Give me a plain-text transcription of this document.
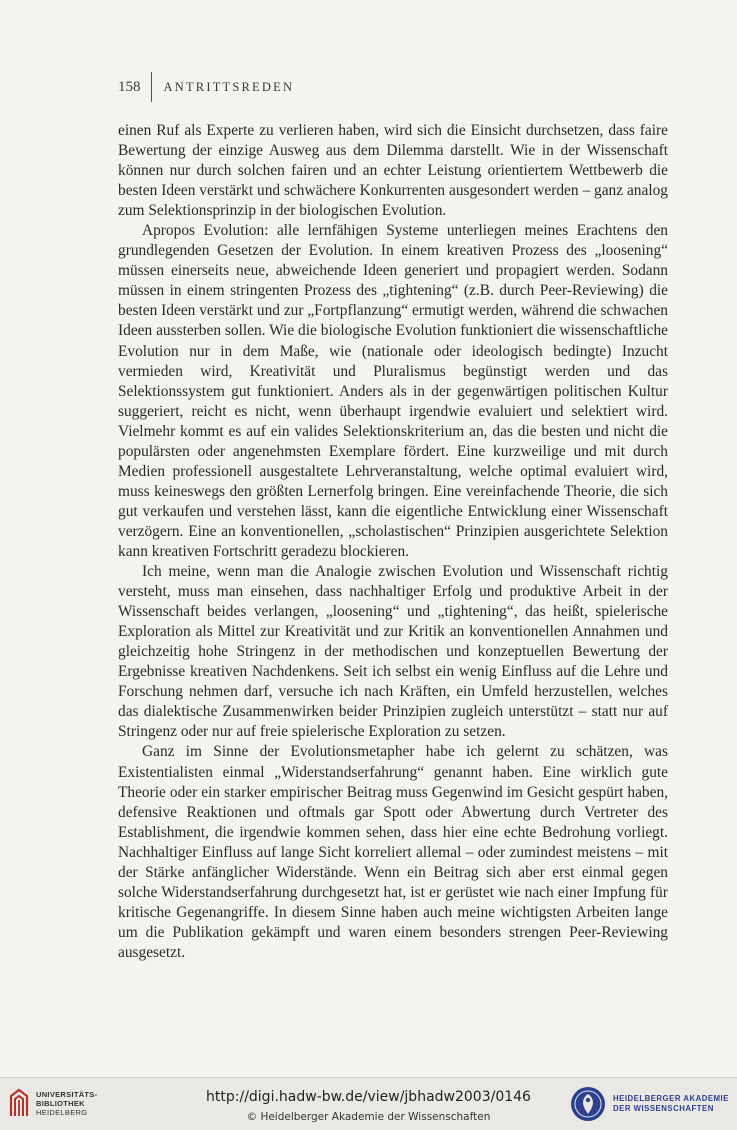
158 ANTRITTSREDEN

einen Ruf als Experte zu verlieren haben, wird sich die Einsicht durchsetzen, dass faire Bewertung der einzige Ausweg aus dem Dilemma darstellt. Wie in der Wissenschaft können nur durch solchen fairen und an echter Leistung orientiertem Wettbewerb die besten Ideen verstärkt und schwächere Konkurrenten ausgesondert werden – ganz analog zum Selektionsprinzip in der biologischen Evolution.

Apropos Evolution: alle lernfähigen Systeme unterliegen meines Erachtens den grundlegenden Gesetzen der Evolution. In einem kreativen Prozess des „loosening“ müssen einerseits neue, abweichende Ideen generiert und propagiert werden. Sodann müssen in einem stringenten Prozess des „tightening“ (z.B. durch Peer-Reviewing) die besten Ideen verstärkt und zur „Fortpflanzung“ ermutigt werden, während die schwachen Ideen aussterben sollen. Wie die biologische Evolution funktioniert die wissenschaftliche Evolution nur in dem Maße, wie (nationale oder ideologisch bedingte) Inzucht vermieden wird, Kreativität und Pluralismus begünstigt werden und das Selektionssystem gut funktioniert. Anders als in der gegenwärtigen politischen Kultur suggeriert, reicht es nicht, wenn überhaupt irgendwie evaluiert und selektiert wird. Vielmehr kommt es auf ein valides Selektionskriterium an, das die besten und nicht die populärsten oder angenehmsten Exemplare fördert. Eine kurzweilige und mit durch Medien professionell ausgestaltete Lehrveranstaltung, welche optimal evaluiert wird, muss keineswegs den größten Lernerfolg bringen. Eine vereinfachende Theorie, die sich gut verkaufen und verstehen lässt, kann die eigentliche Entwicklung einer Wissenschaft verzögern. Eine an konventionellen, „scholastischen“ Prinzipien ausgerichtete Selektion kann kreativen Fortschritt geradezu blockieren.

Ich meine, wenn man die Analogie zwischen Evolution und Wissenschaft richtig versteht, muss man einsehen, dass nachhaltiger Erfolg und produktive Arbeit in der Wissenschaft beides verlangen, „loosening“ und „tightening“, das heißt, spielerische Exploration als Mittel zur Kreativität und zur Kritik an konventionellen Annahmen und gleichzeitig hohe Stringenz in der methodischen und konzeptuellen Bewertung der Ergebnisse kreativen Nachdenkens. Seit ich selbst ein wenig Einfluss auf die Lehre und Forschung nehmen darf, versuche ich nach Kräften, ein Umfeld herzustellen, welches das dialektische Zusammenwirken beider Prinzipien zugleich unterstützt – statt nur auf Stringenz oder nur auf freie spielerische Exploration zu setzen.

Ganz im Sinne der Evolutionsmetapher habe ich gelernt zu schätzen, was Existentialisten einmal „Widerstandserfahrung“ genannt haben. Eine wirklich gute Theorie oder ein starker empirischer Beitrag muss Gegenwind im Gesicht gespürt haben, defensive Reaktionen und oftmals gar Spott oder Abwertung durch Vertreter des Establishment, die irgendwie kommen sehen, dass hier eine echte Bedrohung vorliegt. Nachhaltiger Einfluss auf lange Sicht korreliert allemal – oder zumindest meistens – mit der Stärke anfänglicher Widerstände. Wenn ein Beitrag sich aber erst einmal gegen solche Widerstandserfahrung durchgesetzt hat, ist er gerüstet wie nach einer Impfung für kritische Gegenangriffe. In diesem Sinne haben auch meine wichtigsten Arbeiten lange um die Publikation gekämpft und waren einem besonders strengen Peer-Reviewing ausgesetzt.

UNIVERSITÄTS-
BIBLIOTHEK
HEIDELBERG
http://digi.hadw-bw.de/view/jbhadw2003/0146
© Heidelberger Akademie der Wissenschaften
HEIDELBERGER AKADEMIE
DER WISSENSCHAFTEN
